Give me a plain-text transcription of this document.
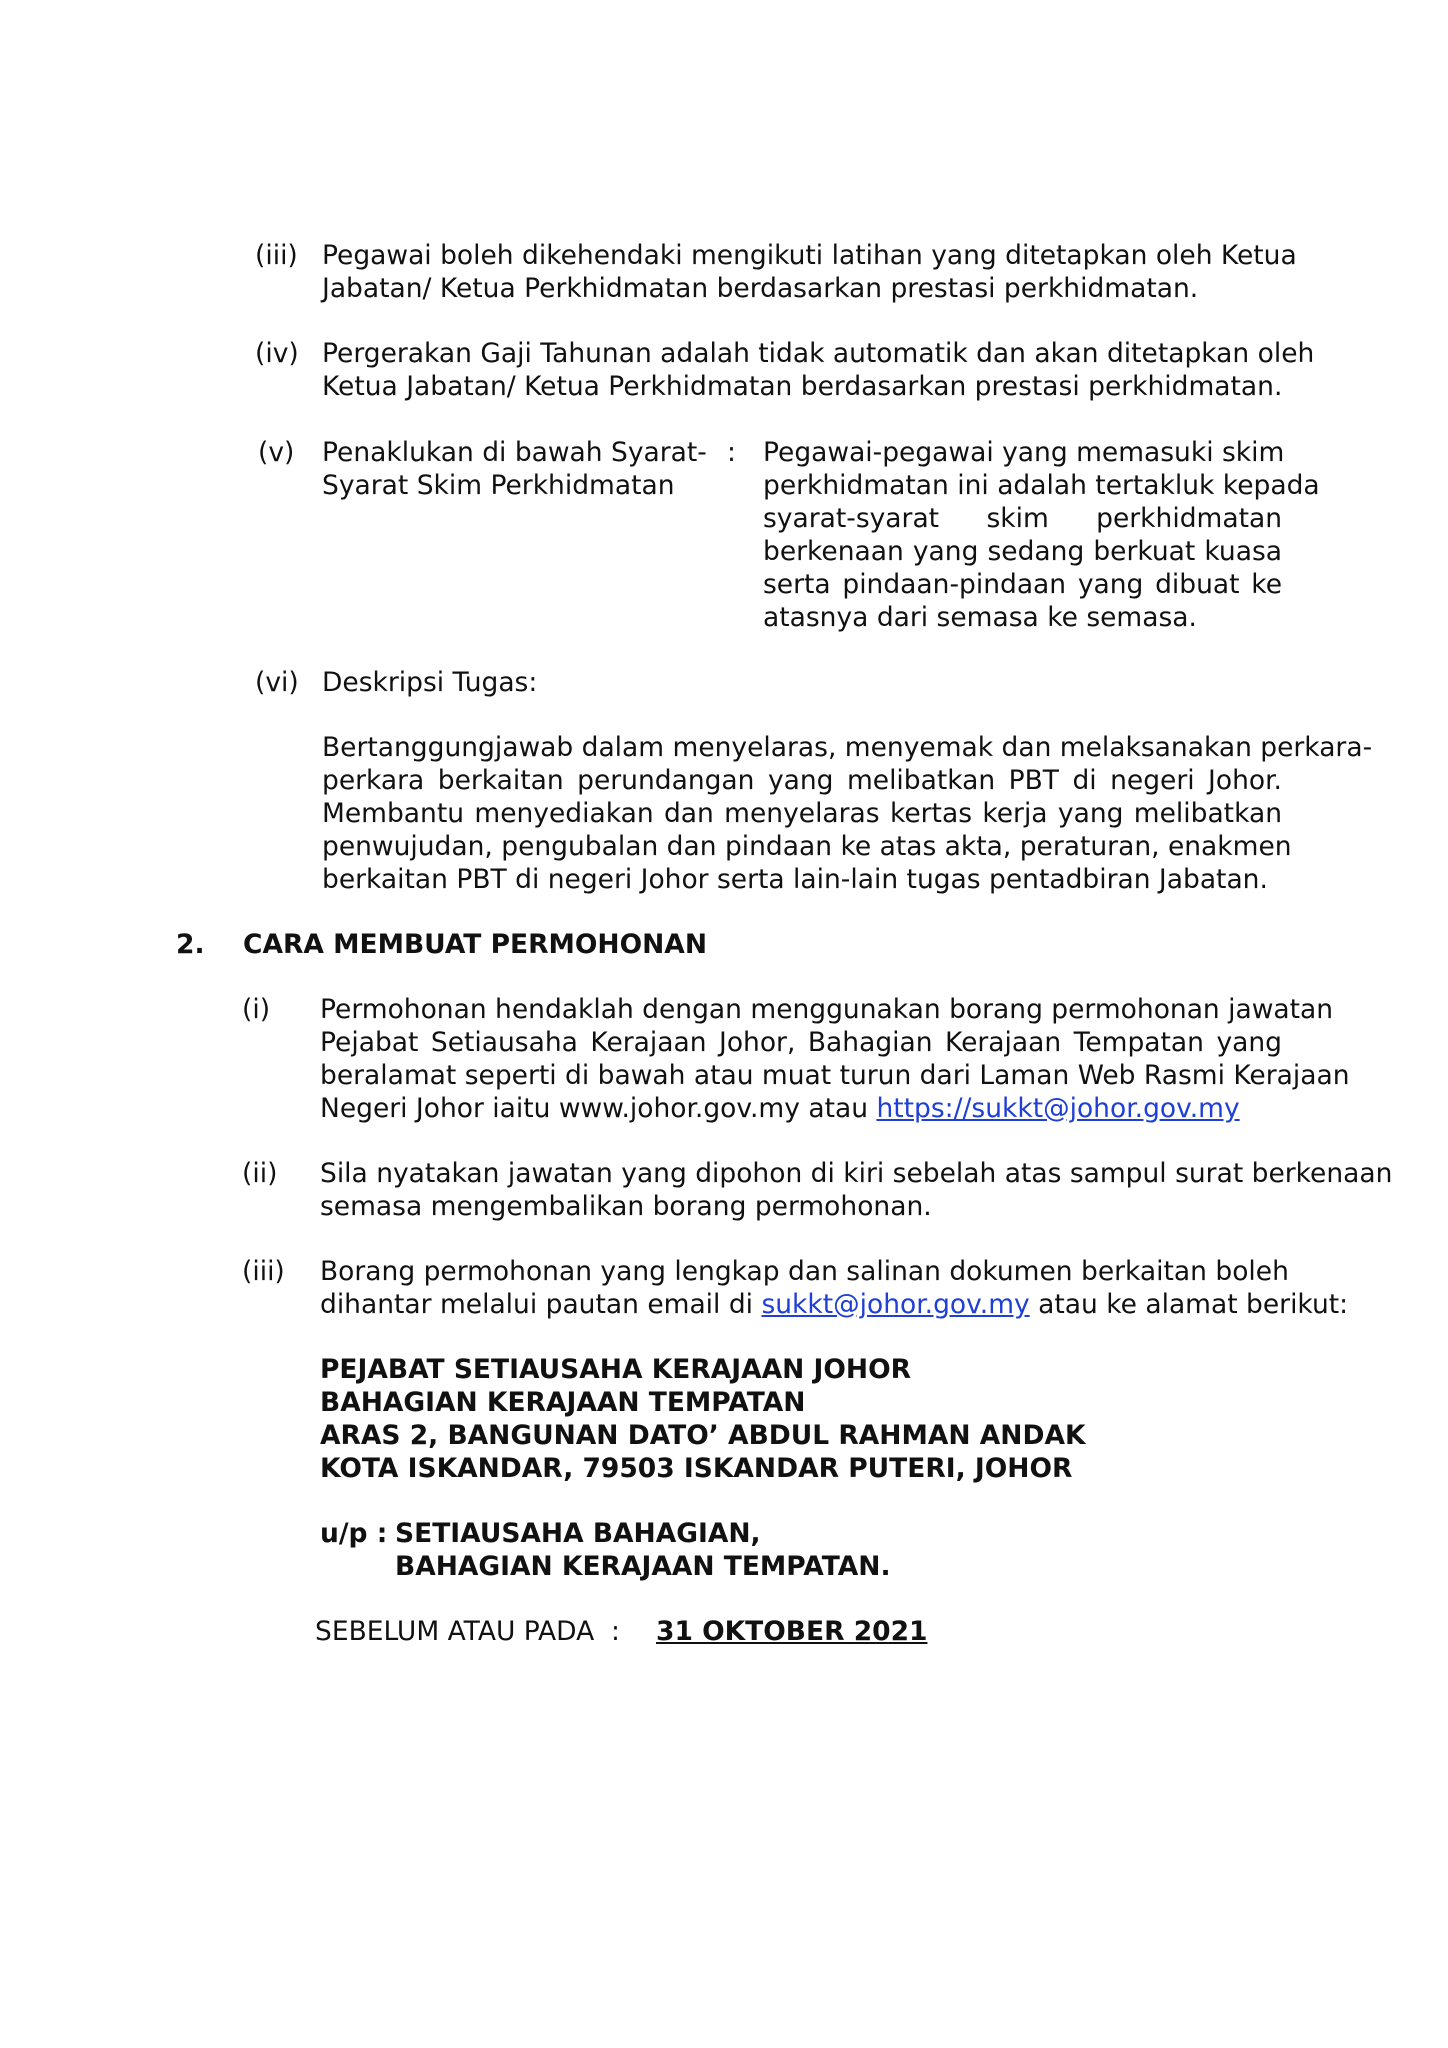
(iii) Pegawai boleh dikehendaki mengikuti latihan yang ditetapkan oleh Ketua
Jabatan/ Ketua Perkhidmatan berdasarkan prestasi perkhidmatan.
(iv) Pergerakan Gaji Tahunan adalah tidak automatik dan akan ditetapkan oleh
Ketua Jabatan/ Ketua Perkhidmatan berdasarkan prestasi perkhidmatan.
(v) Penaklukan di bawah Syarat-
Syarat Skim Perkhidmatan
: Pegawai-pegawai yang memasuki skim
perkhidmatan ini adalah tertakluk kepada
syarat-syarat skim perkhidmatan
berkenaan yang sedang berkuat kuasa
serta pindaan-pindaan yang dibuat ke
atasnya dari semasa ke semasa.
(vi) Deskripsi Tugas:
Bertanggungjawab dalam menyelaras, menyemak dan melaksanakan perkara-
perkara berkaitan perundangan yang melibatkan PBT di negeri Johor.
Membantu menyediakan dan menyelaras kertas kerja yang melibatkan
penwujudan, pengubalan dan pindaan ke atas akta, peraturan, enakmen
berkaitan PBT di negeri Johor serta lain-lain tugas pentadbiran Jabatan.
2. CARA MEMBUAT PERMOHONAN
(i) Permohonan hendaklah dengan menggunakan borang permohonan jawatan
Pejabat Setiausaha Kerajaan Johor, Bahagian Kerajaan Tempatan yang
beralamat seperti di bawah atau muat turun dari Laman Web Rasmi Kerajaan
Negeri Johor iaitu www.johor.gov.my atau https://sukkt@johor.gov.my
(ii) Sila nyatakan jawatan yang dipohon di kiri sebelah atas sampul surat berkenaan
semasa mengembalikan borang permohonan.
(iii) Borang permohonan yang lengkap dan salinan dokumen berkaitan boleh
dihantar melalui pautan email di sukkt@johor.gov.my atau ke alamat berikut:
PEJABAT SETIAUSAHA KERAJAAN JOHOR
BAHAGIAN KERAJAAN TEMPATAN
ARAS 2, BANGUNAN DATO’ ABDUL RAHMAN ANDAK
KOTA ISKANDAR, 79503 ISKANDAR PUTERI, JOHOR
u/p : SETIAUSAHA BAHAGIAN,
BAHAGIAN KERAJAAN TEMPATAN.
SEBELUM ATAU PADA : 31 OKTOBER 2021
